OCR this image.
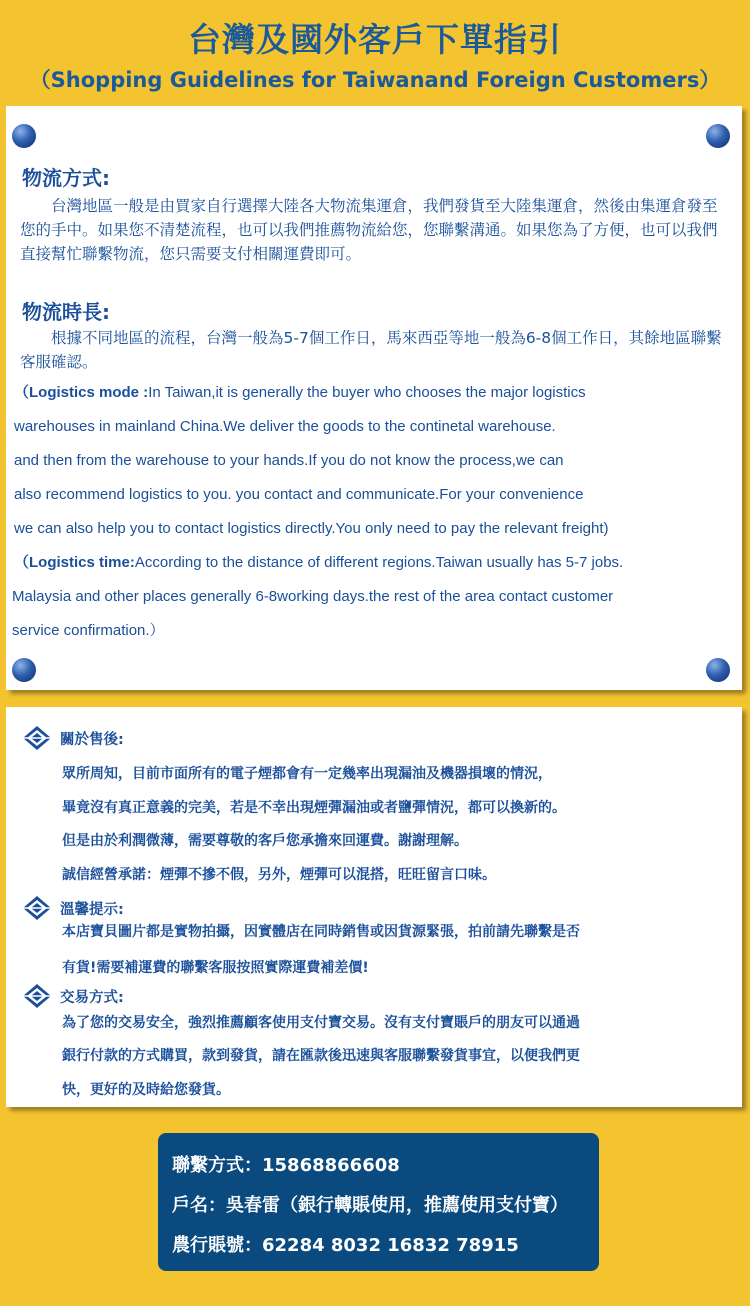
台灣及國外客戶下單指引
（Shopping Guidelines for Taiwanand Foreign Customers）
物流方式:

台灣地區一般是由買家自行選擇大陸各大物流集運倉，我們發貨至大陸集運倉，然後由集運倉發至您的手中。如果您不清楚流程，也可以我們推薦物流給您，您聯繫溝通。如果您為了方便，也可以我們直接幫忙聯繫物流，您只需要支付相關運費即可。

物流時長:

根據不同地區的流程，台灣一般為5-7個工作日，馬來西亞等地一般為6-8個工作日，其餘地區聯繫客服確認。

（Logistics mode :In Taiwan,it is generally the buyer who chooses the major logistics
warehouses in mainland China.We deliver the goods to the continetal warehouse.
and then from the warehouse to your hands.If you do not know the process,we can
also recommend logistics to you. you contact and communicate.For your convenience
we can also help you to contact logistics directly.You only need to pay the relevant freight)
（Logistics time:According to the distance of different regions.Taiwan usually has 5-7 jobs.
Malaysia and other places generally 6-8working days.the rest of the area contact customer
service confirmation.）
關於售後:
眾所周知，目前市面所有的電子煙都會有一定幾率出現漏油及機器損壞的情況，
畢竟沒有真正意義的完美，若是不幸出現煙彈漏油或者鹽彈情況，都可以換新的。
但是由於利潤微薄，需要尊敬的客戶您承擔來回運費。謝謝理解。
誠信經營承諾：煙彈不摻不假，另外，煙彈可以混搭，旺旺留言口味。
溫馨提示:
本店寶貝圖片都是實物拍攝，因實體店在同時銷售或因貨源緊張，拍前請先聯繫是否
有貨!需要補運費的聯繫客服按照實際運費補差價!
交易方式:
為了您的交易安全，強烈推薦顧客使用支付寶交易。沒有支付寶賬戶的朋友可以通過
銀行付款的方式購買，款到發貨，請在匯款後迅速與客服聯繫發貨事宜，以便我們更
快，更好的及時給您發貨。
聯繫方式：15868866608
戶名：吳春雷（銀行轉賬使用，推薦使用支付寶）
農行賬號：62284 8032 16832 78915
